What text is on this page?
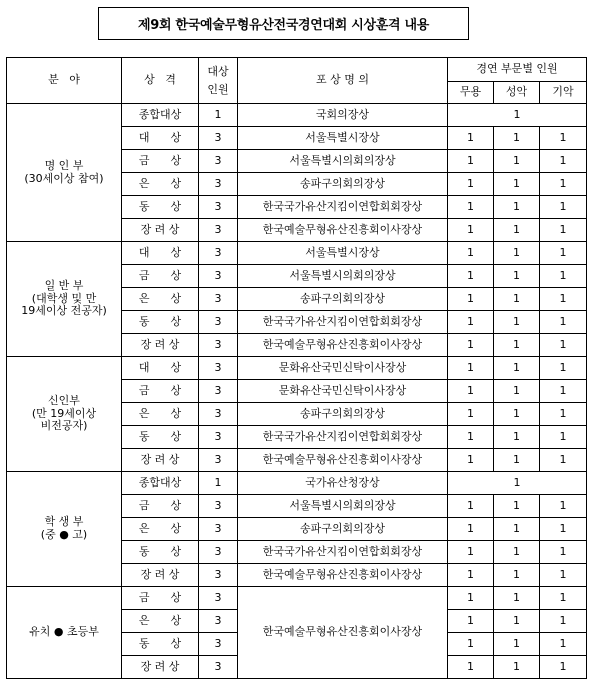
제9회 한국예술무형유산전국경연대회 시상훈격 내용
분   야	상   격	대상
인원	포 상 명 의	경연 부문별 인원		
				무용	성악	기악

명 인 부
(30세이상 참여)	종합대상	1	국회의장상	1		
	대      상	3	서울특별시장상	1	1	1
	금      상	3	서울특별시의회의장상	1	1	1
	은      상	3	송파구의회의장상	1	1	1
	동      상	3	한국국가유산지킴이연합회회장상	1	1	1
	장 려 상	3	한국예술무형유산진흥회이사장상	1	1	1

일 반 부
(대학생 및 만
19세이상 전공자)	대      상	3	서울특별시장상	1	1	1
	금      상	3	서울특별시의회의장상	1	1	1
	은      상	3	송파구의회의장상	1	1	1
	동      상	3	한국국가유산지킴이연합회회장상	1	1	1
	장 려 상	3	한국예술무형유산진흥회이사장상	1	1	1

신인부
(만 19세이상
비전공자)	대      상	3	문화유산국민신탁이사장상	1	1	1
	금      상	3	문화유산국민신탁이사장상	1	1	1
	은      상	3	송파구의회의장상	1	1	1
	동      상	3	한국국가유산지킴이연합회회장상	1	1	1
	장 려 상	3	한국예술무형유산진흥회이사장상	1	1	1

학 생 부
(중 ● 고)	종합대상	1	국가유산청장상	1		
	금      상	3	서울특별시의회의장상	1	1	1
	은      상	3	송파구의회의장상	1	1	1
	동      상	3	한국국가유산지킴이연합회회장상	1	1	1
	장 려 상	3	한국예술무형유산진흥회이사장상	1	1	1

유치 ● 초등부	금      상	3	한국예술무형유산진흥회이사장상	1	1	1
	은      상	3		1	1	1
	동      상	3		1	1	1
	장 려 상	3		1	1	1
